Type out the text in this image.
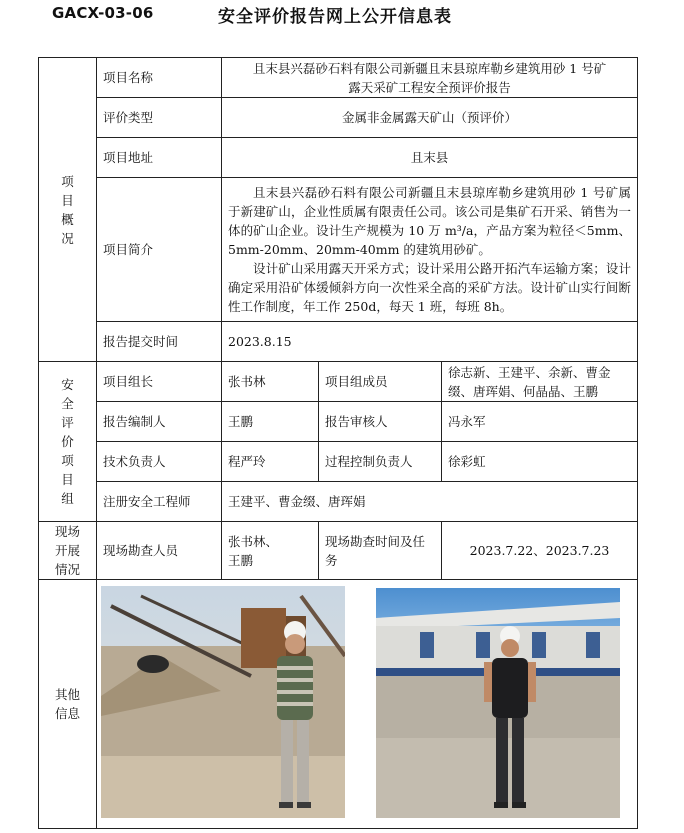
GACX-03-06	安全评价报告网上公开信息表
项目概况	项目名称	且末县兴磊砂石料有限公司新疆且末县琼库勒乡建筑用砂 1 号矿
露天采矿工程安全预评价报告		

	评价类型	金属非金属露天矿山（预评价）		
	项目地址	且末县		
	项目简介	且末县兴磊砂石料有限公司新疆且末县琼库勒乡建筑用砂 1 号矿属于新建矿山，企业性质属有限责任公司。该公司是集矿石开采、销售为一体的矿山企业。设计生产规模为 10 万 m³/a，产品方案为粒径＜5mm、5mm-20mm、20mm-40mm 的建筑用砂矿。

设计矿山采用露天开采方式；设计采用公路开拓汽车运输方案；设计确定采用沿矿体缓倾斜方向一次性采全高的采矿方法。设计矿山实行间断性工作制度，年工作 250d，每天 1 班，每班 8h。		

	报告提交时间	2023.8.15		
安全评价项目组	项目组长	张书林	项目组成员	徐志新、王建平、余新、曹金缀、唐珲娟、何晶晶、王鹏
	报告编制人	王鹏	报告审核人	冯永军
	技术负责人	程严玲	过程控制负责人	徐彩虹
	注册安全工程师	王建平、曹金缀、唐珲娟		
现场开展情况	现场勘查人员	张书林、
王鹏	现场勘查时间及任务	2023.7.22、2023.7.23
其他信息	
